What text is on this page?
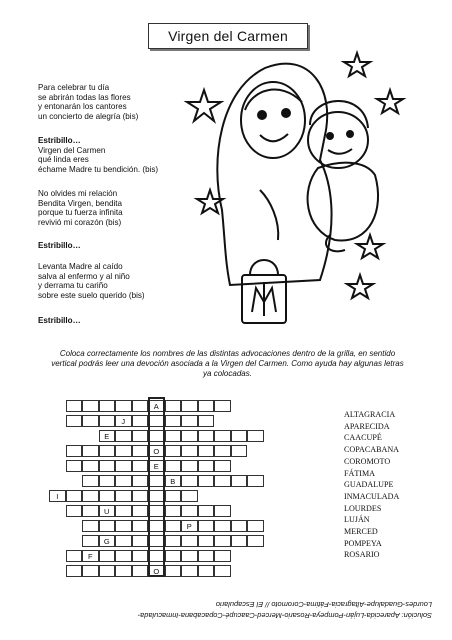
Virgen del Carmen
Para celebrar tu día
se abrirán todas las flores
y entonarán los cantores
un concierto de alegría (bis)
Estribillo…
Virgen del Carmen
qué linda eres
échame Madre tu bendición. (bis)
No olvides mi relación
Bendita Virgen, bendita
porque tu fuerza infinita
revivió mi corazón (bis)
Estribillo…
Levanta Madre al caído
salva al enfermo y al niño
y derrama tu cariño
sobre este suelo querido (bis)
Estribillo…
Coloca correctamente los nombres de las distintas advocaciones dentro de la grilla, en sentido vertical podrás leer una devoción asociada a la Virgen del Carmen. Como ayuda hay algunas letras ya colocadas.
A
J
E
O
E
B
I
U
P
G
F
O
ALTAGRACIA
APARECIDA
CAACUPÉ
COPACABANA
COROMOTO
FÁTIMA
GUADALUPE
INMACULADA
LOURDES
LUJÁN
MERCED
POMPEYA
ROSARIO
Solución: Aparecida-Luján-Pompeya-Rosario-Merced-Caacupé-Copacabana-Inmaculada-
Lourdes-Guadalupe-Altagracia-Fátima-Coromoto // El Escapulario
